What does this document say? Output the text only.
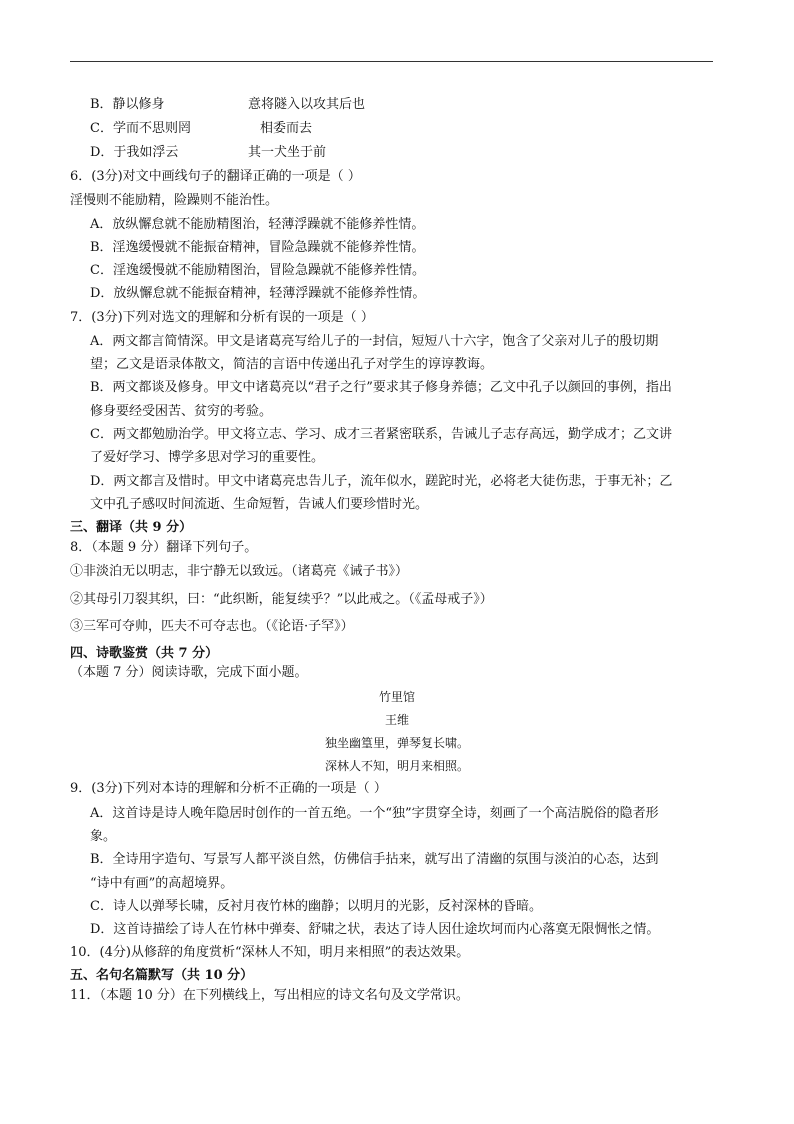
B．静以修身	意将隧入以攻其后也
C．学而不思则罔	相委而去
D．于我如浮云	其一犬坐于前
6．(3分)对文中画线句子的翻译正确的一项是（ ）
淫慢则不能励精，险躁则不能治性。
A．放纵懈怠就不能励精图治，轻薄浮躁就不能修养性情。
B．淫逸缓慢就不能振奋精神，冒险急躁就不能修养性情。
C．淫逸缓慢就不能励精图治，冒险急躁就不能修养性情。
D．放纵懈怠就不能振奋精神，轻薄浮躁就不能修养性情。
7．(3分)下列对选文的理解和分析有误的一项是（ ）
A．两文都言简情深。甲文是诸葛亮写给儿子的一封信，短短八十六字，饱含了父亲对儿子的殷切期
望；乙文是语录体散文，简洁的言语中传递出孔子对学生的谆谆教诲。
B．两文都谈及修身。甲文中诸葛亮以“君子之行”要求其子修身养德；乙文中孔子以颜回的事例，指出
修身要经受困苦、贫穷的考验。
C．两文都勉励治学。甲文将立志、学习、成才三者紧密联系，告诫儿子志存高远，勤学成才；乙文讲
了爱好学习、博学多思对学习的重要性。
D．两文都言及惜时。甲文中诸葛亮忠告儿子，流年似水，蹉跎时光，必将老大徒伤悲，于事无补；乙
文中孔子感叹时间流逝、生命短暂，告诫人们要珍惜时光。
三、翻译（共 9 分）
8．（本题 9 分）翻译下列句子。
①非淡泊无以明志，非宁静无以致远。（诸葛亮《诫子书》）
②其母引刀裂其织，曰：“此织断，能复续乎？”以此戒之。（《孟母戒子》）
③三军可夺帅，匹夫不可夺志也。（《论语·子罕》）
四、诗歌鉴赏（共 7 分）
（本题 7 分）阅读诗歌，完成下面小题。
竹里馆
王维
独坐幽篁里，弹琴复长啸。
深林人不知，明月来相照。
9．(3分)下列对本诗的理解和分析不正确的一项是（ ）
A．这首诗是诗人晚年隐居时创作的一首五绝。一个“独”字贯穿全诗，刻画了一个高洁脱俗的隐者形
象。
B．全诗用字造句、写景写人都平淡自然，仿佛信手拈来，就写出了清幽的氛围与淡泊的心态，达到
“诗中有画”的高超境界。
C．诗人以弹琴长啸，反衬月夜竹林的幽静；以明月的光影，反衬深林的昏暗。
D．这首诗描绘了诗人在竹林中弹奏、舒啸之状，表达了诗人因仕途坎坷而内心落寞无限惆怅之情。
10．(4分)从修辞的角度赏析“深林人不知，明月来相照”的表达效果。
五、名句名篇默写（共 10 分）
11．（本题 10 分）在下列横线上，写出相应的诗文名句及文学常识。
